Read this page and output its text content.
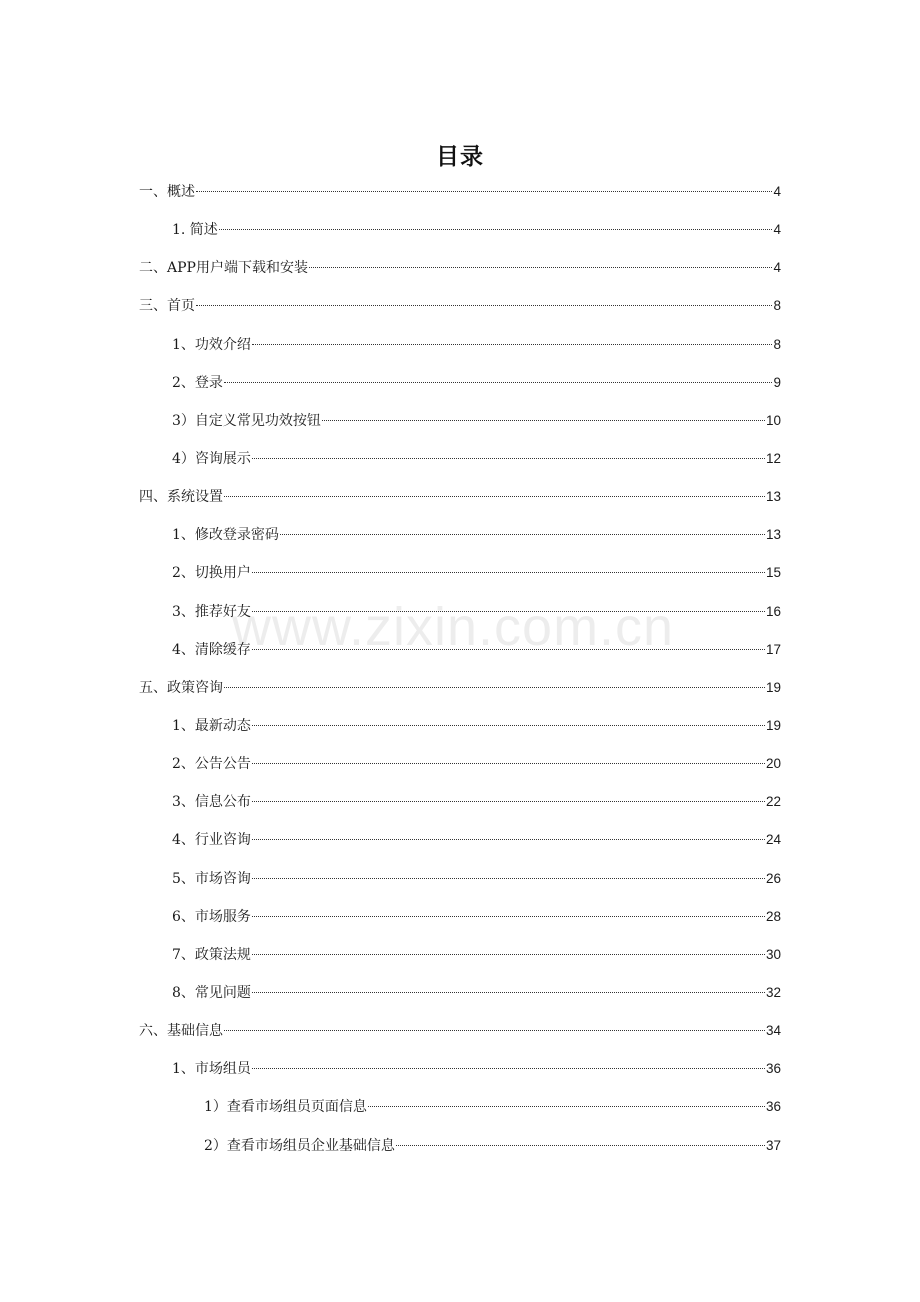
目录
一、概述	4
1. 简述	4
二、APP用户端下载和安装	4
三、首页	8
1、功效介绍	8
2、登录	9
3）自定义常见功效按钮	10
4）咨询展示	12
四、系统设置	13
1、修改登录密码	13
2、切换用户	15
3、推荐好友	16
4、清除缓存	17
五、政策咨询	19
1、最新动态	19
2、公告公告	20
3、信息公布	22
4、行业咨询	24
5、市场咨询	26
6、市场服务	28
7、政策法规	30
8、常见问题	32
六、基础信息	34
1、市场组员	36
1）查看市场组员页面信息	36
2）查看市场组员企业基础信息	37
www.zixin.com.cn
